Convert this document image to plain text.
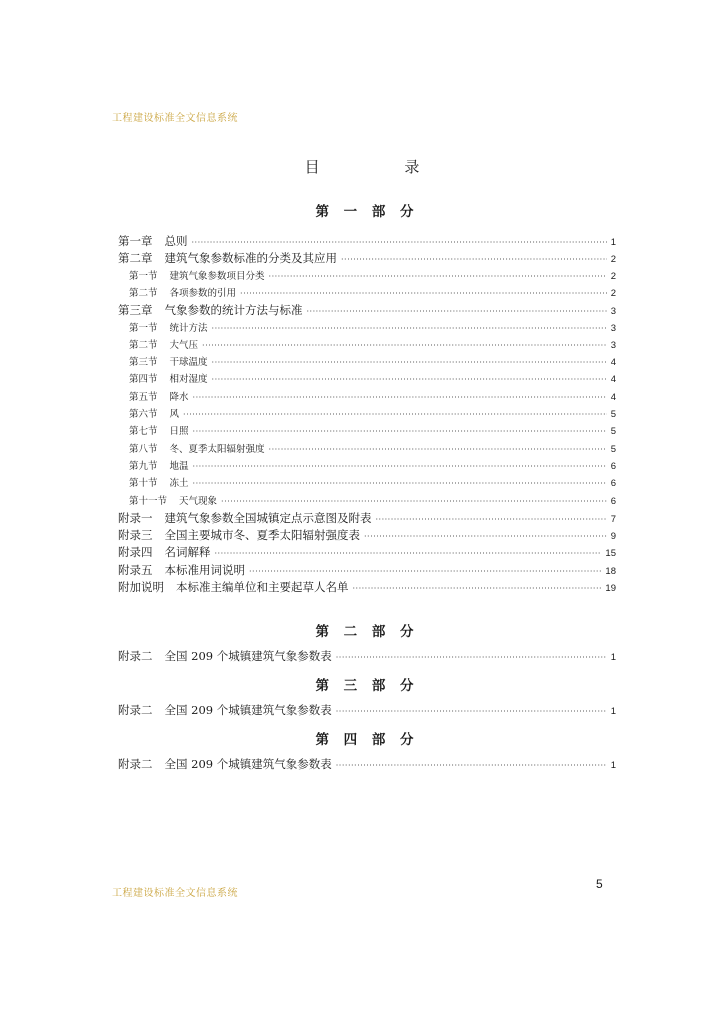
工程建设标准全文信息系统
目 录
第 一 部 分
第一章 总则 ·····	1
第二章 建筑气象参数标准的分类及其应用 ·····	2
第一节 建筑气象参数项目分类 ·····	2
第二节 各项参数的引用 ·····	2
第三章 气象参数的统计方法与标准 ·····	3
第一节 统计方法 ·····	3
第二节 大气压 ·····	3
第三节 干球温度 ·····	4
第四节 相对湿度 ·····	4
第五节 降水 ·····	4
第六节 风 ·····	5
第七节 日照 ·····	5
第八节 冬、夏季太阳辐射强度 ·····	5
第九节 地温 ·····	6
第十节 冻土 ·····	6
第十一节 天气现象 ·····	6
附录一 建筑气象参数全国城镇定点示意图及附表 ·····	7
附录三 全国主要城市冬、夏季太阳辐射强度表 ·····	9
附录四 名词解释 ·····	15
附录五 本标准用词说明 ·····	18
附加说明 本标准主编单位和主要起草人名单 ·····	19
第 二 部 分
附录二 全国 209 个城镇建筑气象参数表 ·····	1
第 三 部 分
附录二 全国 209 个城镇建筑气象参数表 ·····	1
第 四 部 分
附录二 全国 209 个城镇建筑气象参数表 ·····	1
工程建设标准全文信息系统
5
